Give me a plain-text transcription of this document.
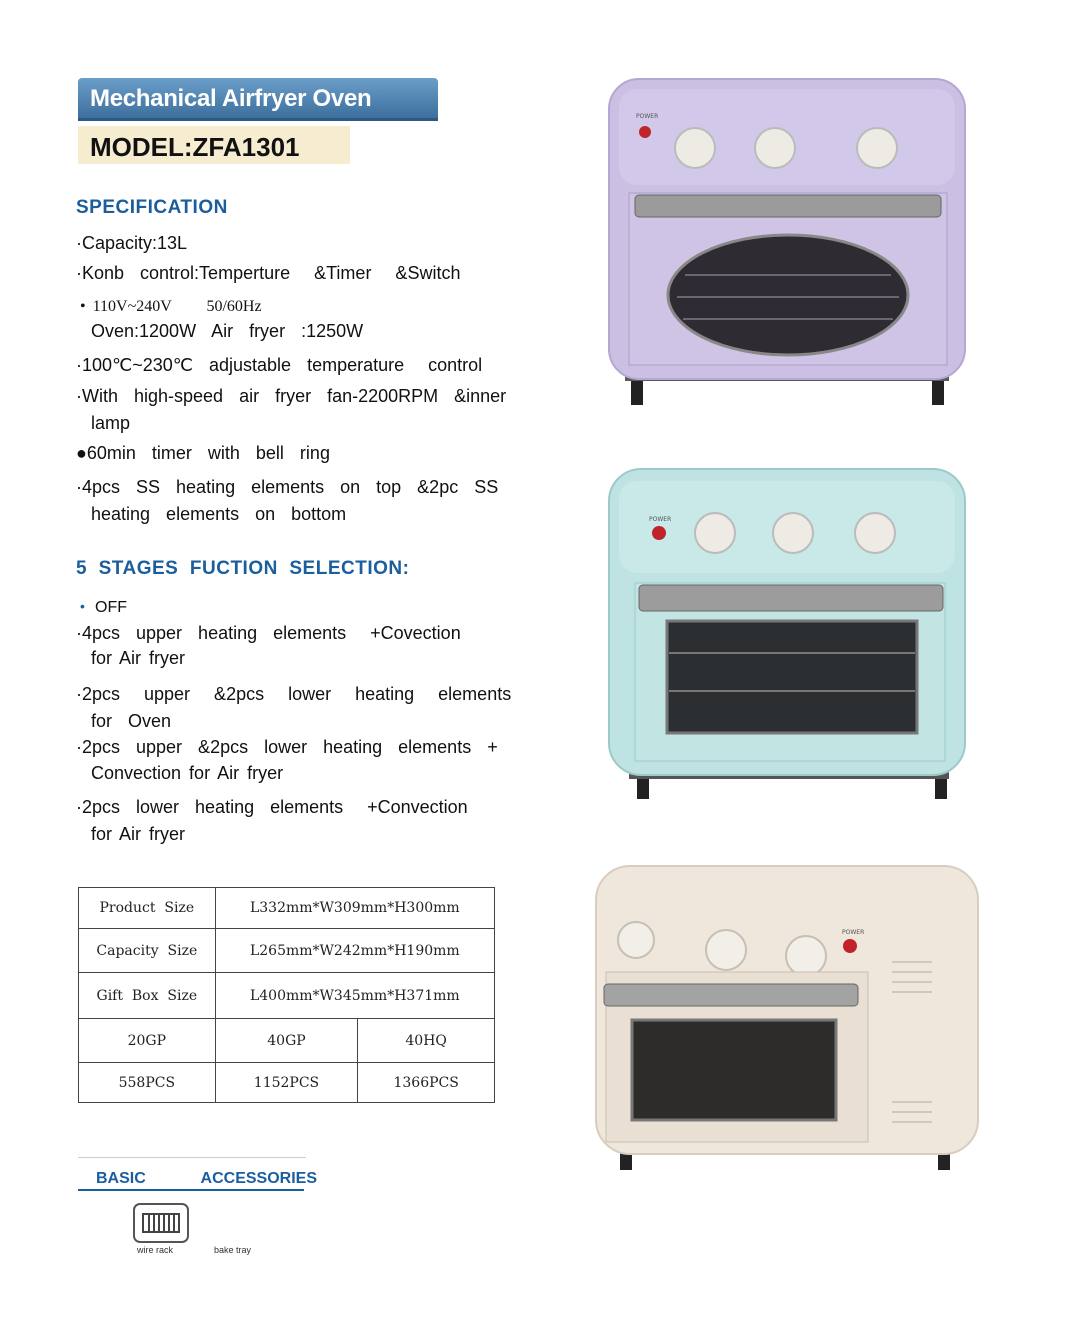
Mechanical Airfryer Oven
MODEL:ZFA1301
SPECIFICATION
·Capacity:13L
·Konb  control:Temperture   &Timer   &Switch
• 110V~240V     50/60Hz
Oven:1200W  Air  fryer  :1250W
·100℃~230℃  adjustable  temperature   control
·With  high-speed  air  fryer  fan-2200RPM  &inner
lamp
●60min  timer  with  bell  ring
·4pcs  SS  heating  elements  on  top  &2pc  SS
heating  elements  on  bottom
5  STAGES  FUCTION  SELECTION:
• OFF
·4pcs  upper  heating  elements   +Covection
for Air fryer
·2pcs   upper   &2pcs   lower   heating   elements
for  Oven
·2pcs  upper  &2pcs  lower  heating  elements  +
Convection for Air fryer
·2pcs  lower  heating  elements   +Convection
for Air fryer
Product  Size	L332mm*W309mm*H300mm	
Capacity  Size	L265mm*W242mm*H190mm	
Gift  Box  Size	L400mm*W345mm*H371mm	
20GP	40GP	40HQ
558PCS	1152PCS	1366PCS
BASIC   ACCESSORIES
wire rack	bake tray
POWER
POWER
POWER
